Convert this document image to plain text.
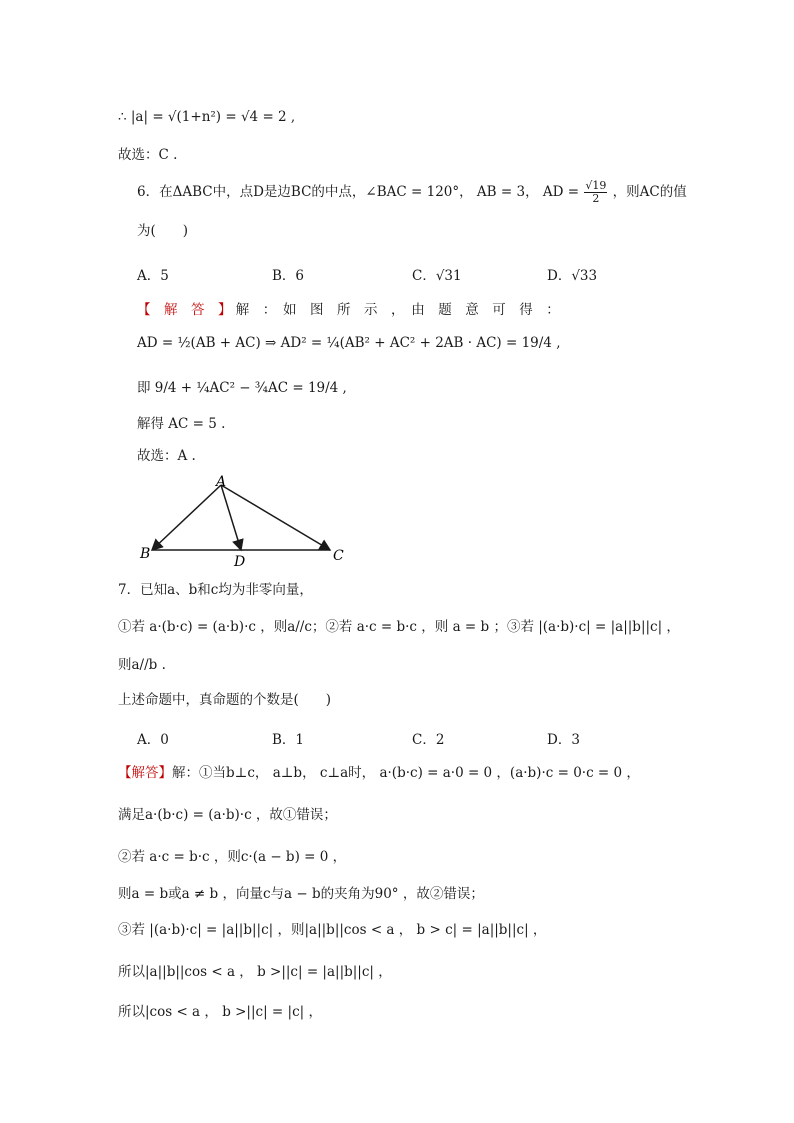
∴ |a| = √(1+n²) = √4 = 2 ,
故选：C .
6．在ΔABC中，点D是边BC的中点，∠BAC = 120°， AB = 3， AD = $\frac{√19}{2}$ ，则AC的值
为(　　)
A．5	B．6	C．√31	D．√33
【　解　答　】 解　：　如　图　所　示　，　由　题　意　可　得　：
AD = ½(AB + AC) ⇒ AD² = ¼(AB² + AC² + 2AB · AC) = 19/4 ,
即 9/4 + ¼AC² − ¾AC = 19/4 ,
解得 AC = 5 .
故选：A .
A
B	C
D
7．已知a、b和c均为非零向量，
①若 a·(b·c) = (a·b)·c ，则a//c；②若 a·c = b·c ，则 a = b ；③若 |(a·b)·c| = |a||b||c| ，
则a//b .
上述命题中，真命题的个数是(　　)
A．0	B．1	C．2	D．3
【解答】解：①当b⊥c， a⊥b， c⊥a时， a·(b·c) = a·0 = 0 ，(a·b)·c = 0·c = 0 ，
满足a·(b·c) = (a·b)·c ，故①错误；
②若 a·c = b·c ，则c·(a − b) = 0 ，
则a = b或a ≠ b ，向量c与a − b的夹角为90° ，故②错误；
③若 |(a·b)·c| = |a||b||c| ，则|a||b||cos < a ， b > c| = |a||b||c| ，
所以|a||b||cos < a ， b >||c| = |a||b||c| ，
所以|cos < a ， b >||c| = |c| ，
